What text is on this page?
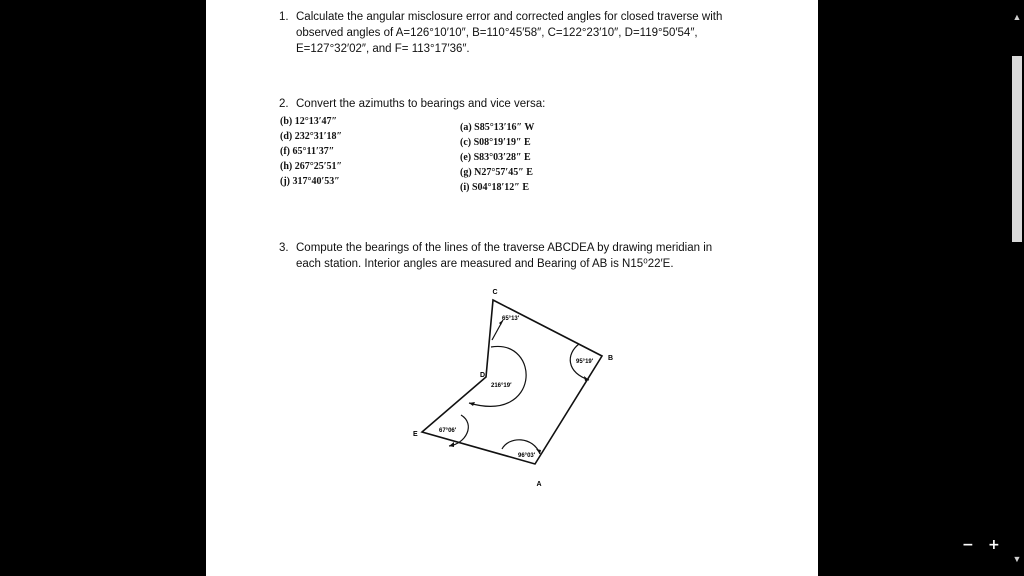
1. Calculate the angular misclosure error and corrected angles for closed traverse with
observed angles of A=126°10′10″, B=110°45′58″, C=122°23′10″, D=119°50′54″,
E=127°32′02″, and F= 113°17′36″.
2. Convert the azimuths to bearings and vice versa:
(b) 12°13′47″
(d) 232°31′18″
(f) 65°11′37″
(h) 267°25′51″
(j) 317°40′53″
(a) S85°13′16″ W
(c) S08°19′19″ E
(e) S83°03′28″ E
(g) N27°57′45″ E
(i) S04°18′12″ E
3. Compute the bearings of the lines of the traverse ABCDEA by drawing meridian in
each station. Interior angles are measured and Bearing of AB is N15⁰22′E.
C
B
D
E
A
65°13′
95°19′
216°19′
67°06′
96°03′
− +
▲
▼
